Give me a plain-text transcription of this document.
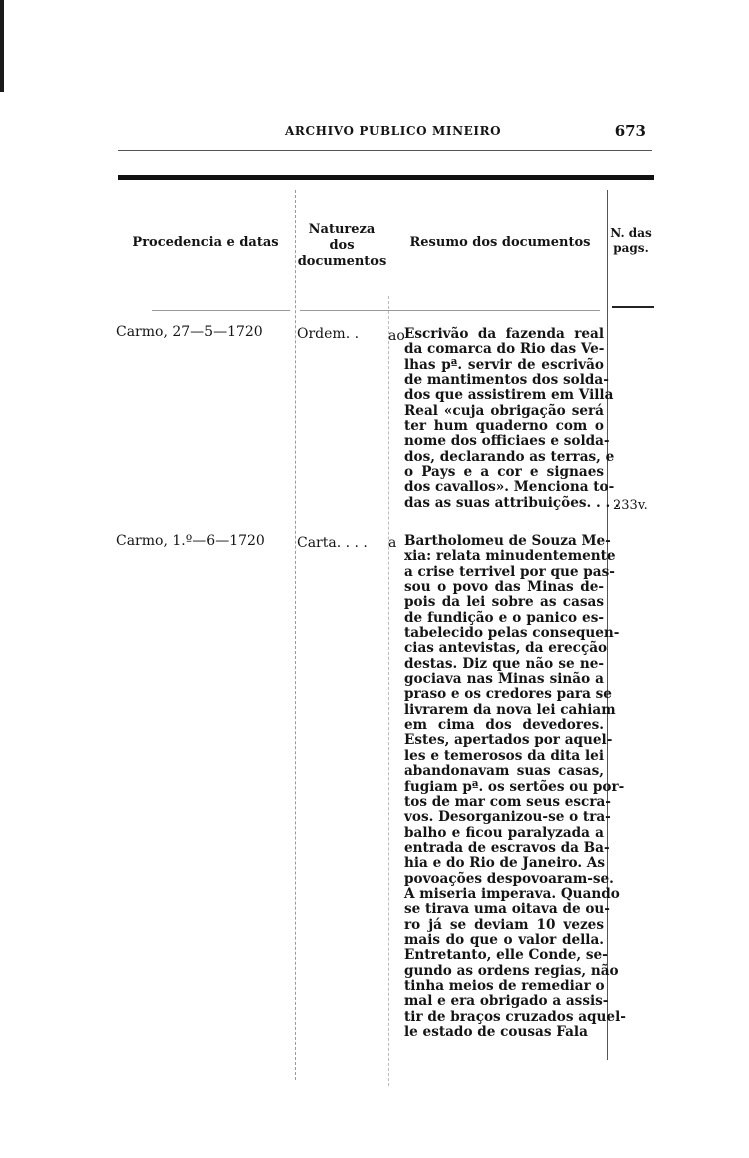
ARCHIVO PUBLICO MINEIRO	673
Procedencia e datas
Natureza
dos
documentos
Resumo dos documentos
N. das
pags.
Carmo, 27—5—1720 Ordem. . ao Escrivão da fazenda real
da comarca do Rio das Ve-
lhas pª. servir de escrivão
de mantimentos dos solda-
dos que assistirem em Villa
Real «cuja obrigação será
ter hum quaderno com o
nome dos officiaes e solda-
dos, declarando as terras, e
o Pays e a cor e signaes
dos cavallos». Menciona to-
das as suas attribuições. . . .
233v.
Carmo, 1.º—6—1720 Carta. . . . a Bartholomeu de Souza Me-
xia: relata minudentemente
a crise terrivel por que pas-
sou o povo das Minas de-
pois da lei sobre as casas
de fundição e o panico es-
tabelecido pelas consequen-
cias antevistas, da erecção
destas. Diz que não se ne-
gociava nas Minas sinão a
praso e os credores para se
livrarem da nova lei cahiam
em cima dos devedores.
Estes, apertados por aquel-
les e temerosos da dita lei
abandonavam suas casas,
fugiam pª. os sertões ou por-
tos de mar com seus escra-
vos. Desorganizou-se o tra-
balho e ficou paralyzada a
entrada de escravos da Ba-
hia e do Rio de Janeiro. As
povoações despovoaram-se.
A miseria imperava. Quando
se tirava uma oitava de ou-
ro já se deviam 10 vezes
mais do que o valor della.
Entretanto, elle Conde, se-
gundo as ordens regias, não
tinha meios de remediar o
mal e era obrigado a assis-
tir de braços cruzados aquel-
le estado de cousas Fala
